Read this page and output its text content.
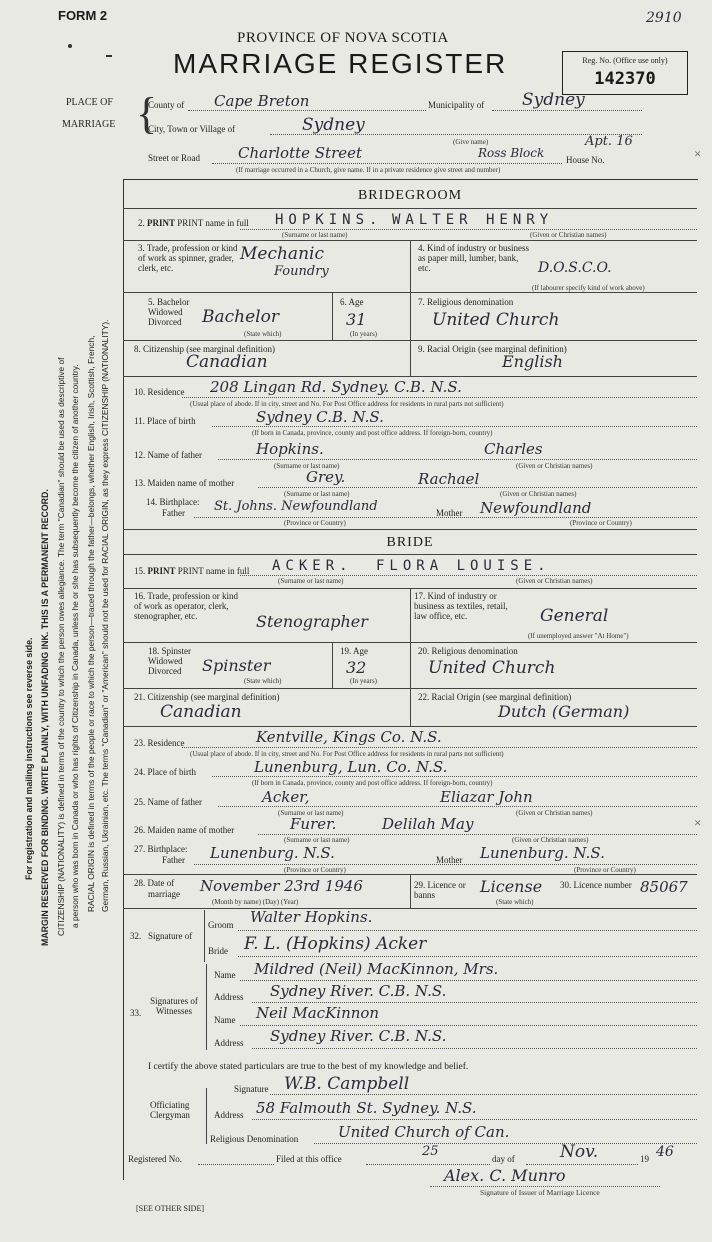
FORM 2	2910
PROVINCE OF NOVA SCOTIA
MARRIAGE REGISTER	Reg. No. (Office use only)
142370
PLACE OF
MARRIAGE {
County of Cape Breton	Municipality of Sydney
City, Town or Village of	Sydney
(Give name)
Street or Road	Charlotte Street	Ross Block House No.
Apt. 16
(If marriage occurred in a Church, give name. If in a private residence give street and number)
×
BRIDEGROOM
2. PRINT PRINT name in full HOPKINS. WALTER HENRY
(Surname or last name)	(Given or Christian names)
3. Trade, profession or kind of work as spinner, grader, clerk, etc.
Mechanic
Foundry
4. Kind of industry or business as paper mill, lumber, bank, etc.	D.O.S.C.O.
(If labourer specify kind of work above)
5. Bachelor Widowed Divorced	Bachelor
(State which)
6. Age
31
(In years)
7. Religious denomination
United Church
8. Citizenship (see marginal definition)
Canadian
9. Racial Origin (see marginal definition)
English
10. Residence 208 Lingan Rd. Sydney. C.B. N.S.
(Usual place of abode. If in city, street and No. For Post Office address for residents in rural parts not sufficient)
11. Place of birth	Sydney C.B. N.S.
(If born in Canada, province, county and post office address. If foreign-born, country)
12. Name of father	Hopkins.	Charles
(Surname or last name)	(Given or Christian names)
13. Maiden name of mother	Grey.	Rachael
(Surname or last name)	(Given or Christian names)
14. Birthplace:
Father St. Johns. Newfoundland	Mother Newfoundland
(Province or Country)	(Province or Country)
BRIDE
15. PRINT PRINT name in full ACKER. FLORA LOUISE.
(Surname or last name)	(Given or Christian names)
16. Trade, profession or kind of work as operator, clerk, stenographer, etc.	Stenographer
17. Kind of industry or business as textiles, retail, law office, etc.	General
(If unemployed answer "At Home")
18. Spinster Widowed Divorced	Spinster
(State which)
19. Age
32
(In years)
20. Religious denomination
United Church
21. Citizenship (see marginal definition)
Canadian
22. Racial Origin (see marginal definition)
Dutch (German)
23. Residence	Kentville, Kings Co. N.S.
(Usual place of abode. If in city, street and No. For Post Office address for residents in rural parts not sufficient)
24. Place of birth	Lunenburg, Lun. Co. N.S.
(If born in Canada, province, county and post office address. If foreign-born, country)
25. Name of father	Acker,	Eliazar John
(Surname or last name)	(Given or Christian names)
26. Maiden name of mother	Furer.	Delilah May
(Surname or last name)	(Given or Christian names)
×
27. Birthplace:
Father Lunenburg. N.S.	Mother Lunenburg. N.S.
(Province or Country)	(Province or Country)
28. Date of
marriage November 23rd 1946
(Month by name) (Day) (Year)
29. Licence or banns	License
(State which)
30. Licence number 85067
32. Signature of
Groom Walter Hopkins.
Bride F. L. (Hopkins) Acker
33.
Signatures of Witnesses
Name Mildred (Neil) MacKinnon, Mrs.
Address Sydney River. C.B. N.S.
Name Neil MacKinnon
Address Sydney River. C.B. N.S.
I certify the above stated particulars are true to the best of my knowledge and belief.
Signature W.B. Campbell
Officiating Clergyman	Address 58 Falmouth St. Sydney. N.S.
Religious Denomination	United Church of Can.
Registered No.	Filed at this office	25	day of	Nov.	19 46
Alex. C. Munro
Signature of Issuer of Marriage Licence
[SEE OTHER SIDE]
For registration and mailing instructions see reverse side. MARGIN RESERVED FOR BINDING. WRITE PLAINLY, WITH UNFADING INK. THIS IS A PERMANENT RECORD. CITIZENSHIP (NATIONALITY) is defined in terms of the country to which the person owes allegiance. The term "Canadian" should be used as descriptive of a person who was born in Canada or who has rights of Citizenship in Canada, unless he or she has subsequently become the citizen of another country. RACIAL ORIGIN is defined in terms of the people or race to which the person—traced through the father—belongs, whether English, Irish, Scottish, French, German, Russian, Ukrainian, etc. The terms "Canadian" or "American" should not be used for RACIAL ORIGIN, as they express CITIZENSHIP (NATIONALITY).
